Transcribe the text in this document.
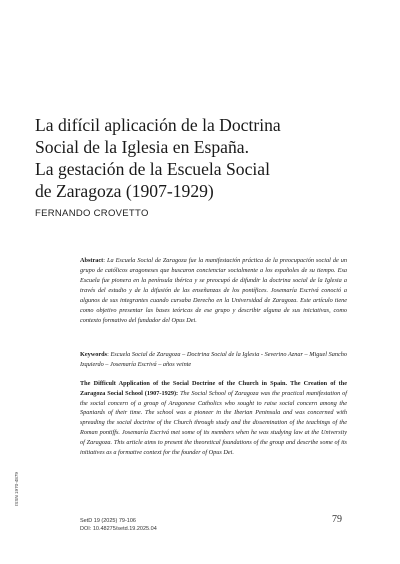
La difícil aplicación de la Doctrina
Social de la Iglesia en España.
La gestación de la Escuela Social
de Zaragoza (1907-1929)
FERNANDO CROVETTO

Abstract: La Escuela Social de Zaragoza fue la manifestación práctica de la preocupación social de un grupo de católicos aragoneses que buscaron concienciar socialmente a los españoles de su tiempo. Esa Escuela fue pionera en la península ibérica y se preocupó de difundir la doctrina social de la Iglesia a través del estudio y de la difusión de las enseñanzas de los pontífices. Josemaría Escrivá conoció a algunos de sus integrantes cuando cursaba Derecho en la Universidad de Zaragoza. Este artículo tiene como objetivo presentar las bases teóricas de ese grupo y describir alguna de sus iniciativas, como contexto formativo del fundador del Opus Dei.

Keywords: Escuela Social de Zaragoza – Doctrina Social de la Iglesia - Severino Aznar – Miguel Sancho Izquierdo – Josemaría Escrivá – años veinte

The Difficult Application of the Social Doctrine of the Church in Spain. The Creation of the Zaragoza Social School (1907-1929): The Social School of Zaragoza was the practical manifestation of the social concern of a group of Aragonese Catholics who sought to raise social concern among the Spaniards of their time. The school was a pioneer in the Iberian Peninsula and was concerned with spreading the social doctrine of the Church through study and the dissemination of the teachings of the Roman pontiffs. Josemaría Escrivá met some of its members when he was studying law at the University of Zaragoza. This article aims to present the theoretical foundations of the group and describe some of its initiatives as a formative context for the founder of Opus Dei.

ISSN 1970-4879
SetD 19 (2025) 79-106
DOI: 10.48275/setd.19.2025.04
79
